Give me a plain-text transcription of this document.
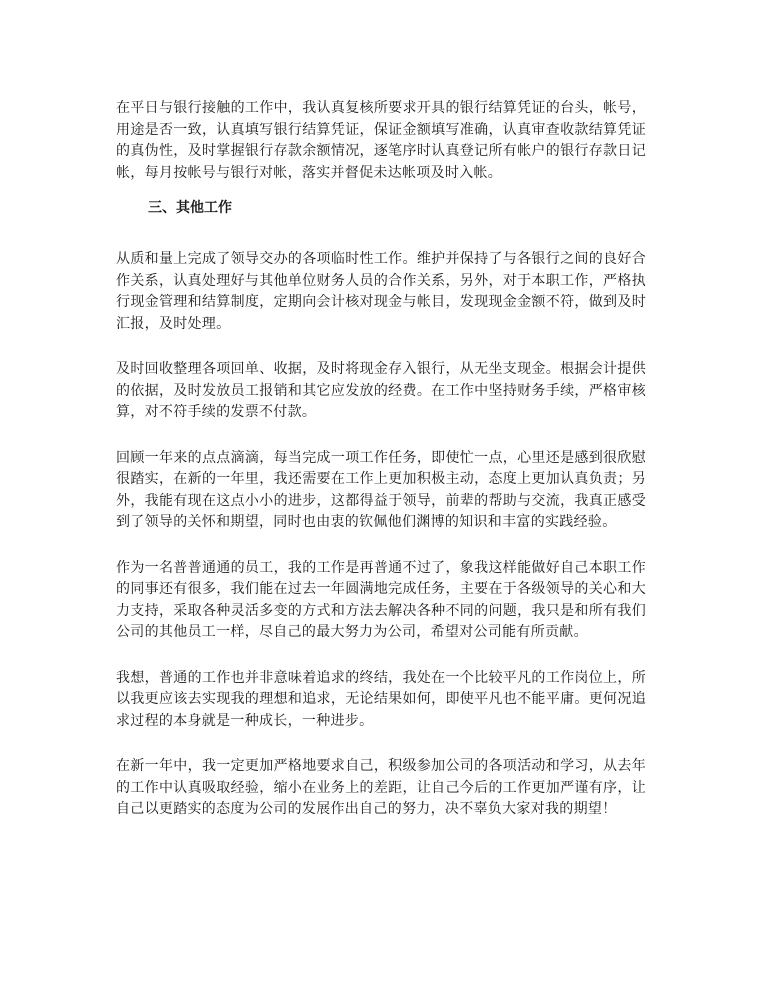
在平日与银行接触的工作中，我认真复核所要求开具的银行结算凭证的台头，帐号，用途是否一致，认真填写银行结算凭证，保证金额填写准确，认真审查收款结算凭证的真伪性，及时掌握银行存款余额情况，逐笔序时认真登记所有帐户的银行存款日记帐，每月按帐号与银行对帐，落实并督促未达帐项及时入帐。

三、其他工作

从质和量上完成了领导交办的各项临时性工作。维护并保持了与各银行之间的良好合作关系，认真处理好与其他单位财务人员的合作关系，另外，对于本职工作，严格执行现金管理和结算制度，定期向会计核对现金与帐目，发现现金金额不符，做到及时汇报，及时处理。

及时回收整理各项回单、收据，及时将现金存入银行，从无坐支现金。根据会计提供的依据，及时发放员工报销和其它应发放的经费。在工作中坚持财务手续，严格审核算，对不符手续的发票不付款。

回顾一年来的点点滴滴，每当完成一项工作任务，即使忙一点，心里还是感到很欣慰很踏实，在新的一年里，我还需要在工作上更加积极主动，态度上更加认真负责；另外，我能有现在这点小小的进步，这都得益于领导，前辈的帮助与交流，我真正感受到了领导的关怀和期望，同时也由衷的钦佩他们渊博的知识和丰富的实践经验。

作为一名普普通通的员工，我的工作是再普通不过了，象我这样能做好自己本职工作的同事还有很多，我们能在过去一年圆满地完成任务，主要在于各级领导的关心和大力支持，采取各种灵活多变的方式和方法去解决各种不同的问题，我只是和所有我们公司的其他员工一样，尽自己的最大努力为公司，希望对公司能有所贡献。

我想，普通的工作也并非意味着追求的终结，我处在一个比较平凡的工作岗位上，所以我更应该去实现我的理想和追求，无论结果如何，即使平凡也不能平庸。更何况追求过程的本身就是一种成长，一种进步。

在新一年中，我一定更加严格地要求自己，积级参加公司的各项活动和学习，从去年的工作中认真吸取经验，缩小在业务上的差距，让自己今后的工作更加严谨有序，让自己以更踏实的态度为公司的发展作出自己的努力，决不辜负大家对我的期望！
